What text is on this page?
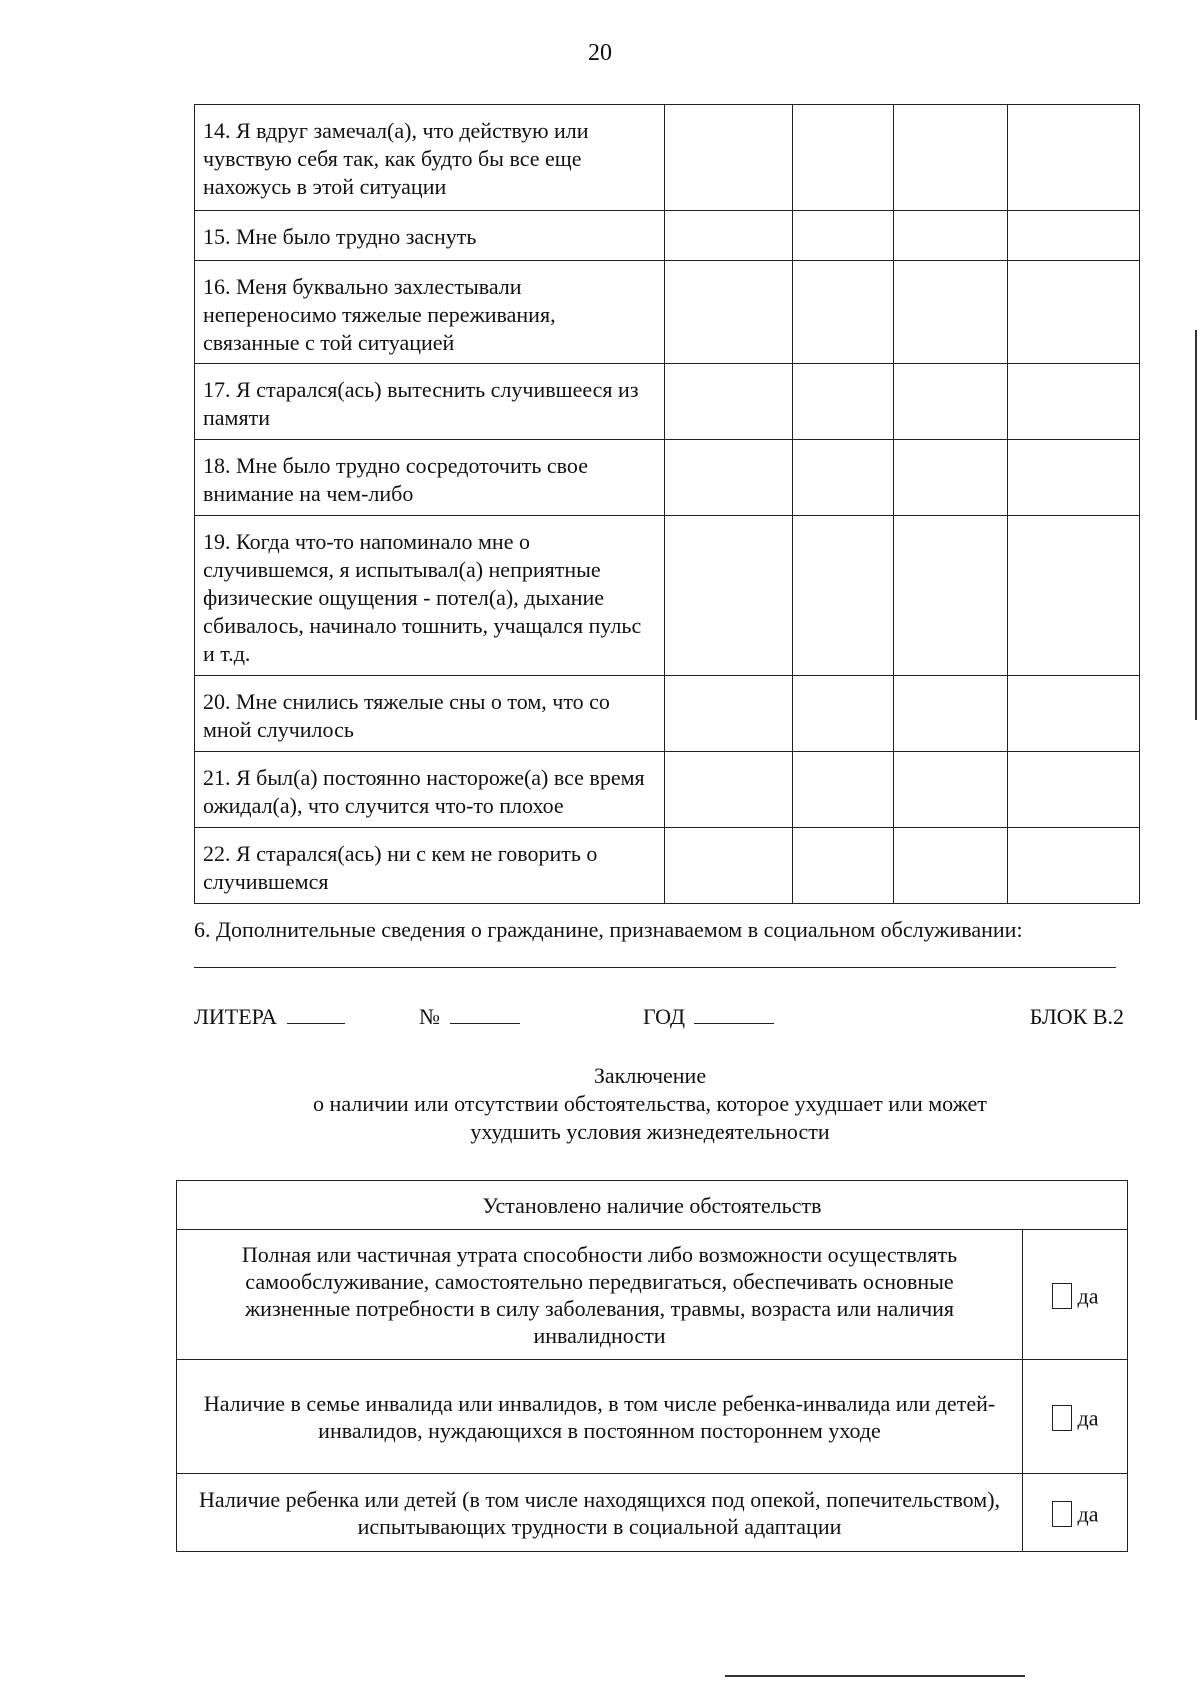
20
14. Я вдруг замечал(а), что действую или чувствую себя так, как будто бы все еще нахожусь в этой ситуации				

15. Мне было трудно заснуть				

16. Меня буквально захлестывали непереносимо тяжелые переживания, связанные с той ситуацией				

17. Я старался(ась) вытеснить случившееся из памяти				

18. Мне было трудно сосредоточить свое внимание на чем-либо				

19. Когда что-то напоминало мне о случившемся, я испытывал(а) неприятные физические ощущения - потел(а), дыхание сбивалось, начинало тошнить, учащался пульс и т.д.				

20. Мне снились тяжелые сны о том, что со мной случилось				

21. Я был(а) постоянно настороже(а) все время ожидал(а), что случится что-то плохое				

22. Я старался(ась) ни с кем не говорить о случившемся				

6. Дополнительные сведения о гражданине, признаваемом в социальном обслуживании:
ЛИТЕРА	№	ГОД	БЛОК В.2
Заключение
о наличии или отсутствии обстоятельства, которое ухудшает или может
ухудшить условия жизнедеятельности
Установлено наличие обстоятельств	
Полная или частичная утрата способности либо возможности осуществлять самообслуживание, самостоятельно передвигаться, обеспечивать основные жизненные потребности в силу заболевания, травмы, возраста или наличия инвалидности	да
Наличие в семье инвалида или инвалидов, в том числе ребенка-инвалида или детей-инвалидов, нуждающихся в постоянном постороннем уходе	да
Наличие ребенка или детей (в том числе находящихся под опекой, попечительством), испытывающих трудности в социальной адаптации	да
